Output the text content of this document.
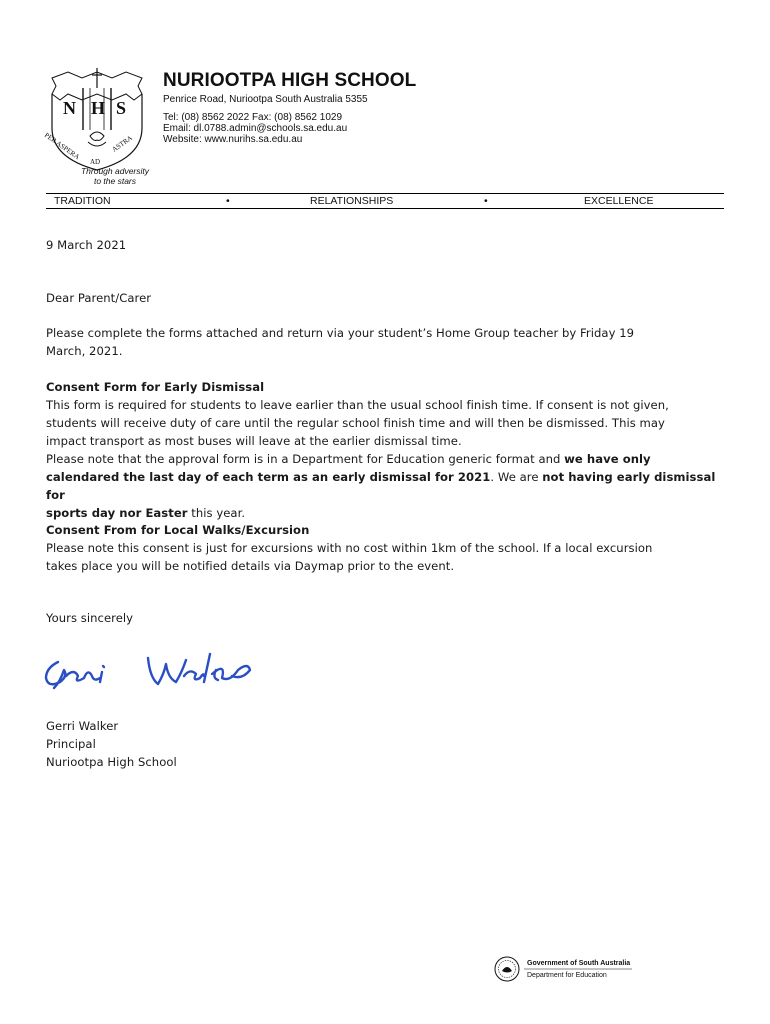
N H S
PER ASPERA
AD
ASTRA
Through adversity
to the stars
NURIOOTPA HIGH SCHOOL
Penrice Road, Nuriootpa South Australia 5355
Tel: (08) 8562 2022 Fax: (08) 8562 1029
Email: dl.0788.admin@schools.sa.edu.au
Website: www.nurihs.sa.edu.au
TRADITION	•	RELATIONSHIPS	•	EXCELLENCE
9 March 2021
Dear Parent/Carer
Please complete the forms attached and return via your student’s Home Group teacher by Friday 19
March, 2021.
Consent Form for Early Dismissal
This form is required for students to leave earlier than the usual school finish time. If consent is not given,
students will receive duty of care until the regular school finish time and will then be dismissed. This may
impact transport as most buses will leave at the earlier dismissal time.
Please note that the approval form is in a Department for Education generic format and we have only
calendared the last day of each term as an early dismissal for 2021. We are not having early dismissal for
sports day nor Easter this year.
Consent From for Local Walks/Excursion
Please note this consent is just for excursions with no cost within 1km of the school. If a local excursion
takes place you will be notified details via Daymap prior to the event.
Yours sincerely
Gerri Walker
Principal
Nuriootpa High School
Government of South Australia
Department for Education
